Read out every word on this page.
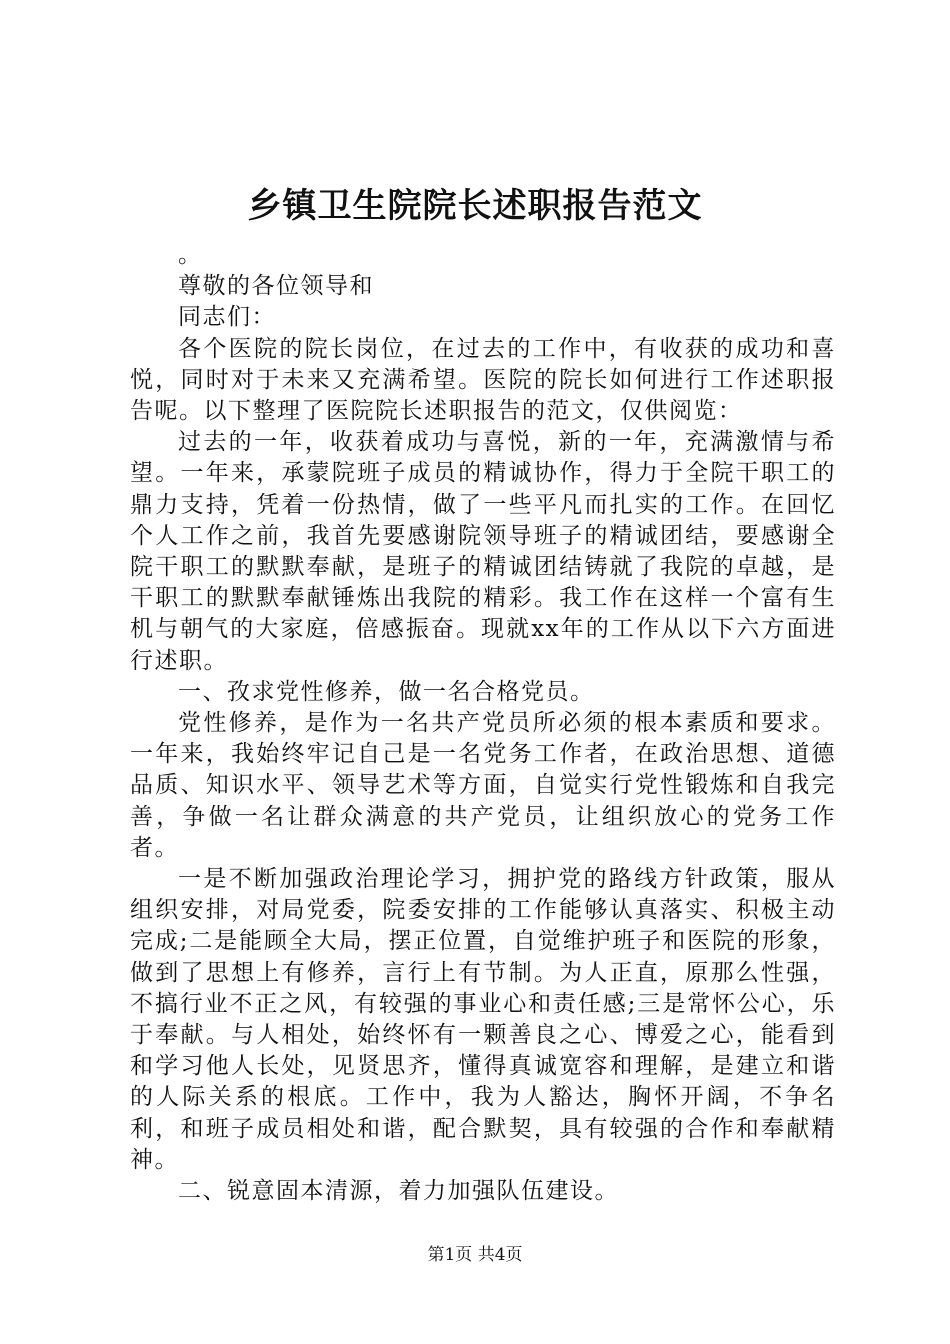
乡镇卫生院院长述职报告范文

。

尊敬的各位领导和

同志们：

各个医院的院长岗位，在过去的工作中，有收获的成功和喜悦，同时对于未来又充满希望。医院的院长如何进行工作述职报告呢。以下整理了医院院长述职报告的范文，仅供阅览：

过去的一年，收获着成功与喜悦，新的一年，充满激情与希望。一年来，承蒙院班子成员的精诚协作，得力于全院干职工的鼎力支持，凭着一份热情，做了一些平凡而扎实的工作。在回忆个人工作之前，我首先要感谢院领导班子的精诚团结，要感谢全院干职工的默默奉献，是班子的精诚团结铸就了我院的卓越，是干职工的默默奉献锤炼出我院的精彩。我工作在这样一个富有生机与朝气的大家庭，倍感振奋。现就xx年的工作从以下六方面进行述职。

一、孜求党性修养，做一名合格党员。

党性修养，是作为一名共产党员所必须的根本素质和要求。一年来，我始终牢记自己是一名党务工作者，在政治思想、道德品质、知识水平、领导艺术等方面，自觉实行党性锻炼和自我完善，争做一名让群众满意的共产党员，让组织放心的党务工作者。

一是不断加强政治理论学习，拥护党的路线方针政策，服从组织安排，对局党委，院委安排的工作能够认真落实、积极主动完成;二是能顾全大局，摆正位置，自觉维护班子和医院的形象，做到了思想上有修养，言行上有节制。为人正直，原那么性强，不搞行业不正之风，有较强的事业心和责任感;三是常怀公心，乐于奉献。与人相处，始终怀有一颗善良之心、博爱之心，能看到和学习他人长处，见贤思齐，懂得真诚宽容和理解，是建立和谐的人际关系的根底。工作中，我为人豁达，胸怀开阔，不争名利，和班子成员相处和谐，配合默契，具有较强的合作和奉献精神。

二、锐意固本清源，着力加强队伍建设。

第1页 共4页
